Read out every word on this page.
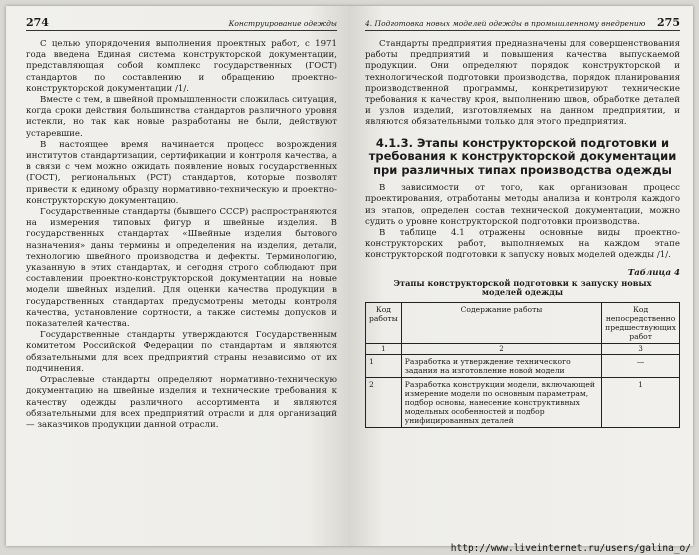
274	Конструирование одежды

С целью упорядочения выполнения проектных работ, с 1971 года введена Единая система конструкторской документации, представляющая собой комплекс государственных (ГОСТ) стандартов по составлению и обращению проектно-конструкторской документации /1/.

Вместе с тем, в швейной промышленности сложилась ситуация, когда сроки действия большинства стандартов различного уровня истекли, но так как новые разработаны не были, действуют устаревшие.

В настоящее время начинается процесс возрождения институтов стандартизации, сертификации и контроля качества, а в связи с чем можно ожидать появление новых государственных (ГОСТ), региональных (РСТ) стандартов, которые позволят привести к единому образцу нормативно-техническую и проектно-конструкторскую документацию.

Государственные стандарты (бывшего СССР) распространяются на измерения типовых фигур и швейные изделия. В государственных стандартах «Швейные изделия бытового назначения» даны термины и определения на изделия, детали, технологию швейного производства и дефекты. Терминологию, указанную в этих стандартах, и сегодня строго соблюдают при составлении проектно-конструкторской документации на новые модели швейных изделий. Для оценки качества продукции в государственных стандартах предусмотрены методы контроля качества, установление сортности, а также системы допусков и показателей качества.

Государственные стандарты утверждаются Государственным комитетом Российской Федерации по стандартам и являются обязательными для всех предприятий страны независимо от их подчинения.

Отраслевые стандарты определяют нормативно-техническую документацию на швейные изделия и технические требования к качеству одежды различного ассортимента и являются обязательными для всех предприятий отрасли и для организаций — заказчиков продукции данной отрасли.

4. Подготовка новых моделей одежды в промышленному внедрению 275

Стандарты предприятия предназначены для совершенствования работы предприятий и повышения качества выпускаемой продукции. Они определяют порядок конструкторской и технологической подготовки производства, порядок планирования производственной программы, конкретизируют технические требования к качеству кроя, выполнению швов, обработке деталей и узлов изделий, изготовляемых на данном предприятии, и являются обязательными только для этого предприятия.

4.1.3. Этапы конструкторской подготовки и требования к конструкторской документации при различных типах производства одежды

В зависимости от того, как организован процесс проектирования, отработаны методы анализа и контроля каждого из этапов, определен состав технической документации, можно судить о уровне конструкторской подготовки производства.

В таблице 4.1 отражены основные виды проектно-конструкторских работ, выполняемых на каждом этапе конструкторской подготовки к запуску новых моделей одежды /1/.

Таблица 4
Этапы конструкторской подготовки к запуску новых моделей одежды
Код работы	Содержание работы	Код непосредственно предшествующих работ
1	2	3
1	Разработка и утверждение технического задания на изготовление новой модели	—
2	Разработка конструкции модели, включающей измерение модели по основным параметрам, подбор основы, нанесение конструктивных модельных особенностей и подбор унифицированных деталей	1
http://www.liveinternet.ru/users/galina_o/
